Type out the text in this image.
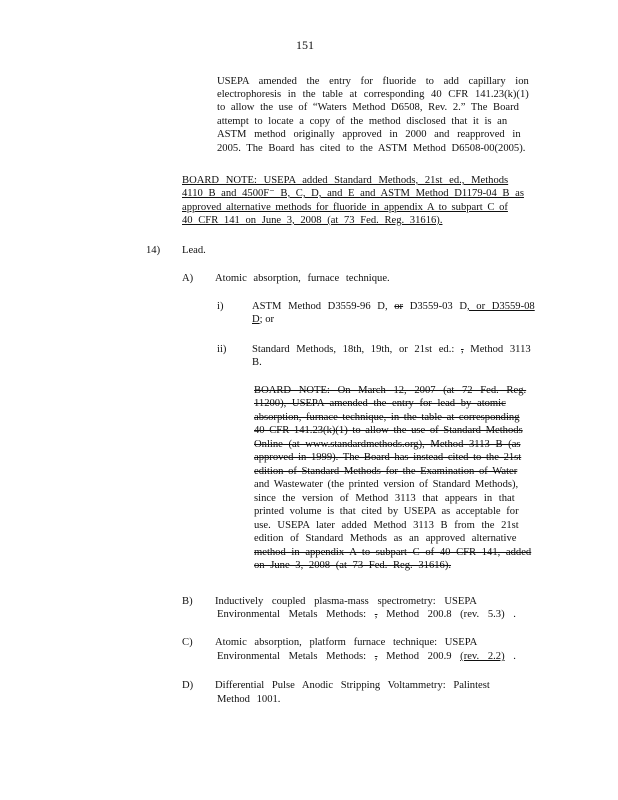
151
USEPA amended the entry for fluoride to add capillary ion
electrophoresis in the table at corresponding 40 CFR 141.23(k)(1)
to allow the use of “Waters Method D6508, Rev. 2.” The Board
attempt to locate a copy of the method disclosed that it is an
ASTM method originally approved in 2000 and reapproved in
2005. The Board has cited to the ASTM Method D6508-00(2005).
BOARD NOTE: USEPA added Standard Methods, 21st ed., Methods
4110 B and 4500F⁻ B, C, D, and E and ASTM Method D1179-04 B as
approved alternative methods for fluoride in appendix A to subpart C of
40 CFR 141 on June 3, 2008 (at 73 Fed. Reg. 31616).
14) Lead.
A) Atomic absorption, furnace technique.
i)	ASTM Method D3559-96 D, or D3559-03 D, or D3559-08
D; or
ii) Standard Methods, 18th, 19th, or 21st ed.: , Method 3113
B.
BOARD NOTE: On March 12, 2007 (at 72 Fed. Reg.
11200), USEPA amended the entry for lead by atomic
absorption, furnace technique, in the table at corresponding
40 CFR 141.23(k)(1) to allow the use of Standard Methods
Online (at www.standardmethods.org), Method 3113 B (as
approved in 1999). The Board has instead cited to the 21st
edition of Standard Methods for the Examination of Water
and Wastewater (the printed version of Standard Methods),
since the version of Method 3113 that appears in that
printed volume is that cited by USEPA as acceptable for
use. USEPA later added Method 3113 B from the 21st
edition of Standard Methods as an approved alternative
method in appendix A to subpart C of 40 CFR 141, added
on June 3, 2008 (at 73 Fed. Reg. 31616).
B) Inductively coupled plasma-mass spectrometry: USEPA
Environmental Metals Methods: , Method 200.8 (rev. 5.3) .
C) Atomic absorption, platform furnace technique: USEPA
Environmental Metals Methods: , Method 200.9 (rev. 2.2) .
D) Differential Pulse Anodic Stripping Voltammetry: Palintest
Method 1001.
